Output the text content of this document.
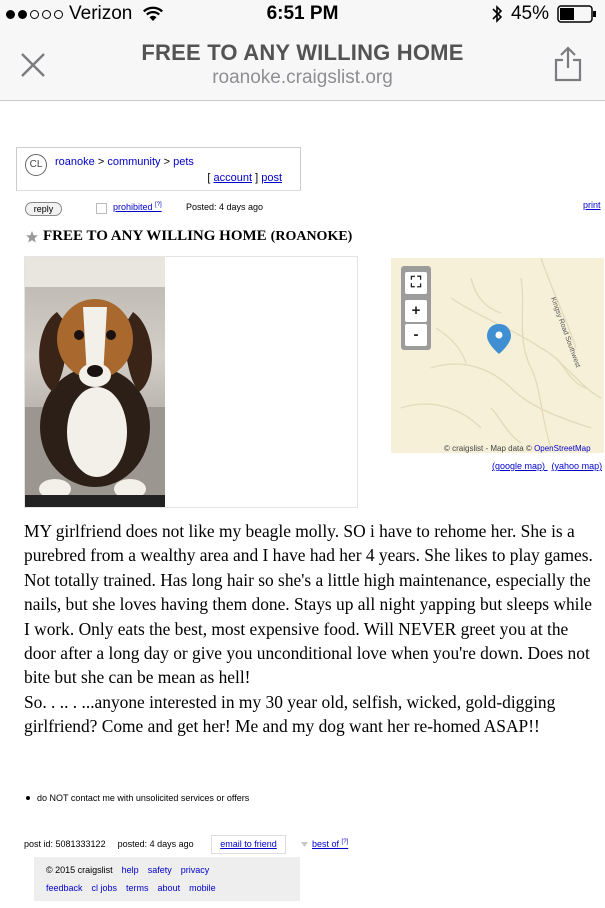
Verizon	6:51 PM	45%
FREE TO ANY WILLING HOME
roanoke.craigslist.org
CL	roanoke > community > pets
[ account ] post
reply	prohibited [?]	Posted: 4 days ago	print
FREE TO ANY WILLING HOME (ROANOKE)
Kingsy Road Southwest
⛶
+
-
© craigslist - Map data © OpenStreetMap
(google map) (yahoo map)

MY girlfriend does not like my beagle molly. SO i have to rehome her. She is a purebred from a wealthy area and I have had her 4 years. She likes to play games. Not totally trained. Has long hair so she's a little high maintenance, especially the nails, but she loves having them done. Stays up all night yapping but sleeps while I work. Only eats the best, most expensive food. Will NEVER greet you at the door after a long day or give you unconditional love when you're down. Does not bite but she can be mean as hell!

So. . .. . ...anyone interested in my 30 year old, selfish, wicked, gold-digging girlfriend? Come and get her! Me and my dog want her re-homed ASAP!!

do NOT contact me with unsolicited services or offers
post id: 5081333122 posted: 4 days ago	email to friend	best of [?]
© 2015 craigslist help safety privacy
feedback cl jobs terms about mobile
